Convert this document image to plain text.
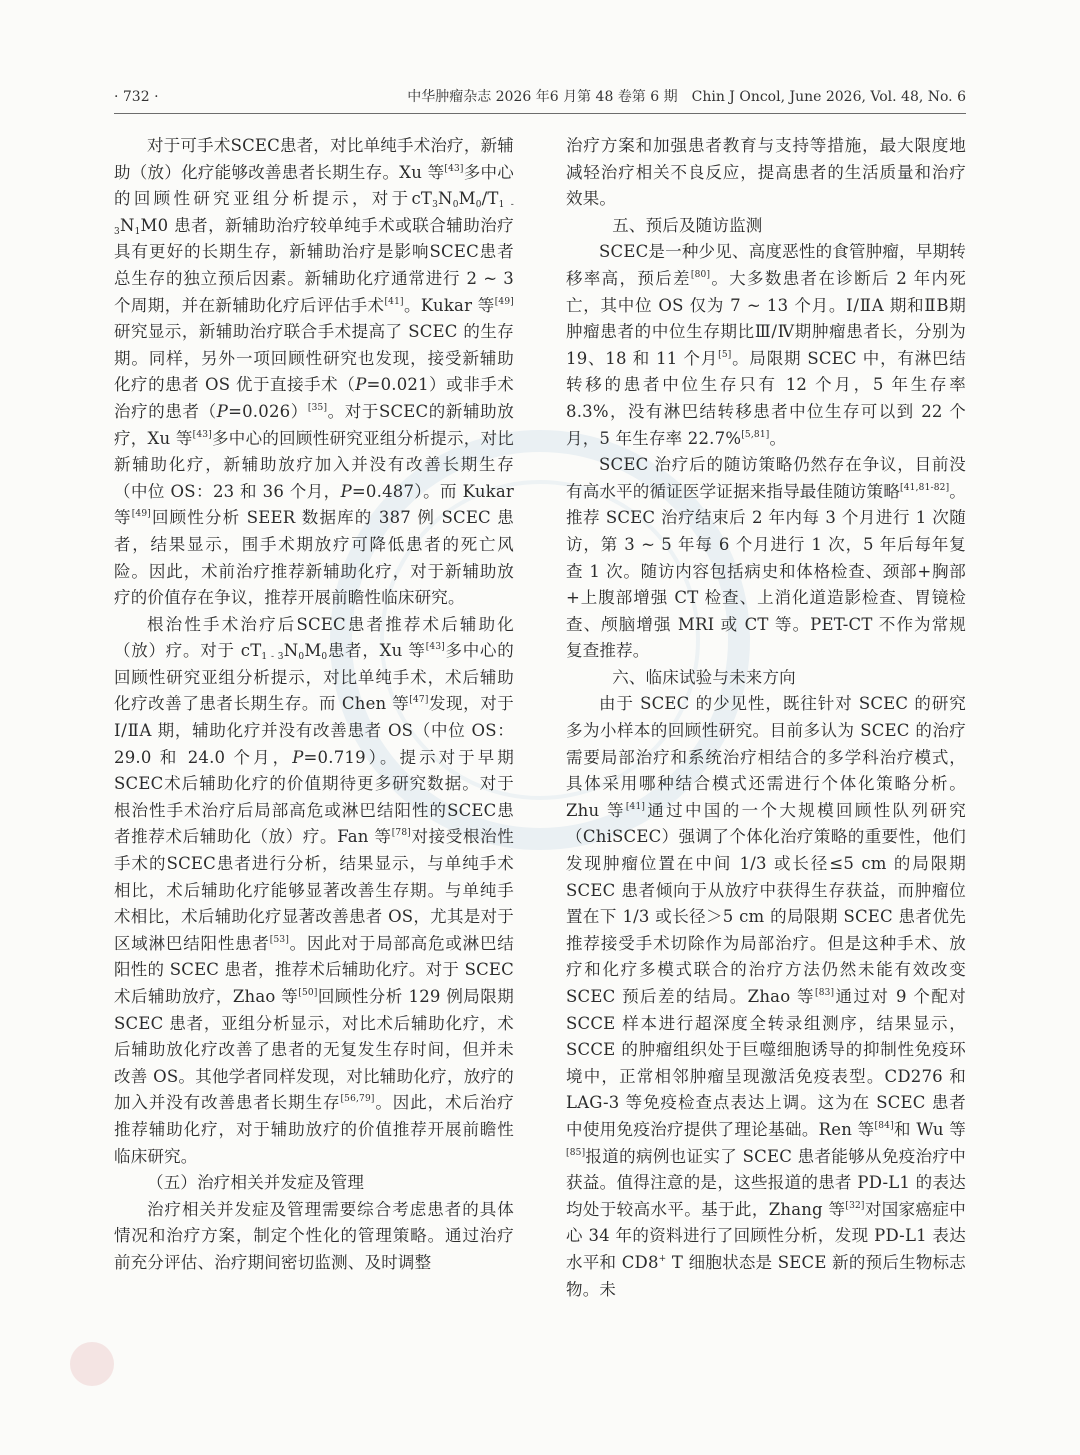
· 732 ·	中华肿瘤杂志 2026 年6 月第 48 卷第 6 期　Chin J Oncol, June 2026, Vol. 48, No. 6

对于可手术SCEC患者，对比单纯手术治疗，新辅助（放）化疗能够改善患者长期生存。Xu 等[43]多中心的回顾性研究亚组分析提示，对于$cT_3N_0M_0/T_{1 - 3}N_1M0$ 患者，新辅助治疗较单纯手术或联合辅助治疗具有更好的长期生存，新辅助治疗是影响SCEC患者总生存的独立预后因素。新辅助化疗通常进行 2 ~ 3 个周期，并在新辅助化疗后评估手术[41]。Kukar 等[49]研究显示，新辅助治疗联合手术提高了 SCEC 的生存期。同样，另外一项回顾性研究也发现，接受新辅助化疗的患者 OS 优于直接手术（P=0.021）或非手术治疗的患者（P=0.026）[35]。对于SCEC的新辅助放疗，Xu 等[43]多中心的回顾性研究亚组分析提示，对比新辅助化疗，新辅助放疗加入并没有改善长期生存（中位 OS：23 和 36 个月，P=0.487）。而 Kukar 等[49]回顾性分析 SEER 数据库的 387 例 SCEC 患者，结果显示，围手术期放疗可降低患者的死亡风险。因此，术前治疗推荐新辅助化疗，对于新辅助放疗的价值存在争议，推荐开展前瞻性临床研究。

根治性手术治疗后SCEC患者推荐术后辅助化（放）疗。对于 $cT_{1 - 3}N_0M_0$患者，Xu 等[43]多中心的回顾性研究亚组分析提示，对比单纯手术，术后辅助化疗改善了患者长期生存。而 Chen 等[47]发现，对于Ⅰ/ⅡA 期，辅助化疗并没有改善患者 OS（中位 OS：29.0 和 24.0 个月，P=0.719）。提示对于早期SCEC术后辅助化疗的价值期待更多研究数据。对于根治性手术治疗后局部高危或淋巴结阳性的SCEC患者推荐术后辅助化（放）疗。Fan 等[78]对接受根治性手术的SCEC患者进行分析，结果显示，与单纯手术相比，术后辅助化疗能够显著改善生存期。与单纯手术相比，术后辅助化疗显著改善患者 OS，尤其是对于区域淋巴结阳性患者[53]。因此对于局部高危或淋巴结阳性的 SCEC 患者，推荐术后辅助化疗。对于 SCEC 术后辅助放疗，Zhao 等[50]回顾性分析 129 例局限期 SCEC 患者，亚组分析显示，对比术后辅助化疗，术后辅助放化疗改善了患者的无复发生存时间，但并未改善 OS。其他学者同样发现，对比辅助化疗，放疗的加入并没有改善患者长期生存[56,79]。因此，术后治疗推荐辅助化疗，对于辅助放疗的价值推荐开展前瞻性临床研究。

（五）治疗相关并发症及管理

治疗相关并发症及管理需要综合考虑患者的具体情况和治疗方案，制定个性化的管理策略。通过治疗前充分评估、治疗期间密切监测、及时调整

治疗方案和加强患者教育与支持等措施，最大限度地减轻治疗相关不良反应，提高患者的生活质量和治疗效果。

五、预后及随访监测

SCEC是一种少见、高度恶性的食管肿瘤，早期转移率高，预后差[80]。大多数患者在诊断后 2 年内死亡，其中位 OS 仅为 7 ~ 13 个月。Ⅰ/ⅡA 期和ⅡB期肿瘤患者的中位生存期比Ⅲ/Ⅳ期肿瘤患者长，分别为 19、18 和 11 个月[5]。局限期 SCEC 中，有淋巴结转移的患者中位生存只有 12 个月，5 年生存率 8.3%，没有淋巴结转移患者中位生存可以到 22 个月，5 年生存率 22.7%[5,81]。

SCEC 治疗后的随访策略仍然存在争议，目前没有高水平的循证医学证据来指导最佳随访策略[41,81-82]。推荐 SCEC 治疗结束后 2 年内每 3 个月进行 1 次随访，第 3 ~ 5 年每 6 个月进行 1 次，5 年后每年复查 1 次。随访内容包括病史和体格检查、颈部+胸部+上腹部增强 CT 检查、上消化道造影检查、胃镜检查、颅脑增强 MRI 或 CT 等。PET-CT 不作为常规复查推荐。

六、临床试验与未来方向

由于 SCEC 的少见性，既往针对 SCEC 的研究多为小样本的回顾性研究。目前多认为 SCEC 的治疗需要局部治疗和系统治疗相结合的多学科治疗模式，具体采用哪种结合模式还需进行个体化策略分析。Zhu 等[41]通过中国的一个大规模回顾性队列研究（ChiSCEC）强调了个体化治疗策略的重要性，他们发现肿瘤位置在中间 1/3 或长径≤5 cm 的局限期 SCEC 患者倾向于从放疗中获得生存获益，而肿瘤位置在下 1/3 或长径＞5 cm 的局限期 SCEC 患者优先推荐接受手术切除作为局部治疗。但是这种手术、放疗和化疗多模式联合的治疗方法仍然未能有效改变 SCEC 预后差的结局。Zhao 等[83]通过对 9 个配对 SCCE 样本进行超深度全转录组测序，结果显示，SCCE 的肿瘤组织处于巨噬细胞诱导的抑制性免疫环境中，正常相邻肿瘤呈现激活免疫表型。CD276 和 LAG-3 等免疫检查点表达上调。这为在 SCEC 患者中使用免疫治疗提供了理论基础。Ren 等[84]和 Wu 等[85]报道的病例也证实了 SCEC 患者能够从免疫治疗中获益。值得注意的是，这些报道的患者 PD-L1 的表达均处于较高水平。基于此，Zhang 等[32]对国家癌症中心 34 年的资料进行了回顾性分析，发现 PD-L1 表达水平和 CD8+ T 细胞状态是 SECE 新的预后生物标志物。未
